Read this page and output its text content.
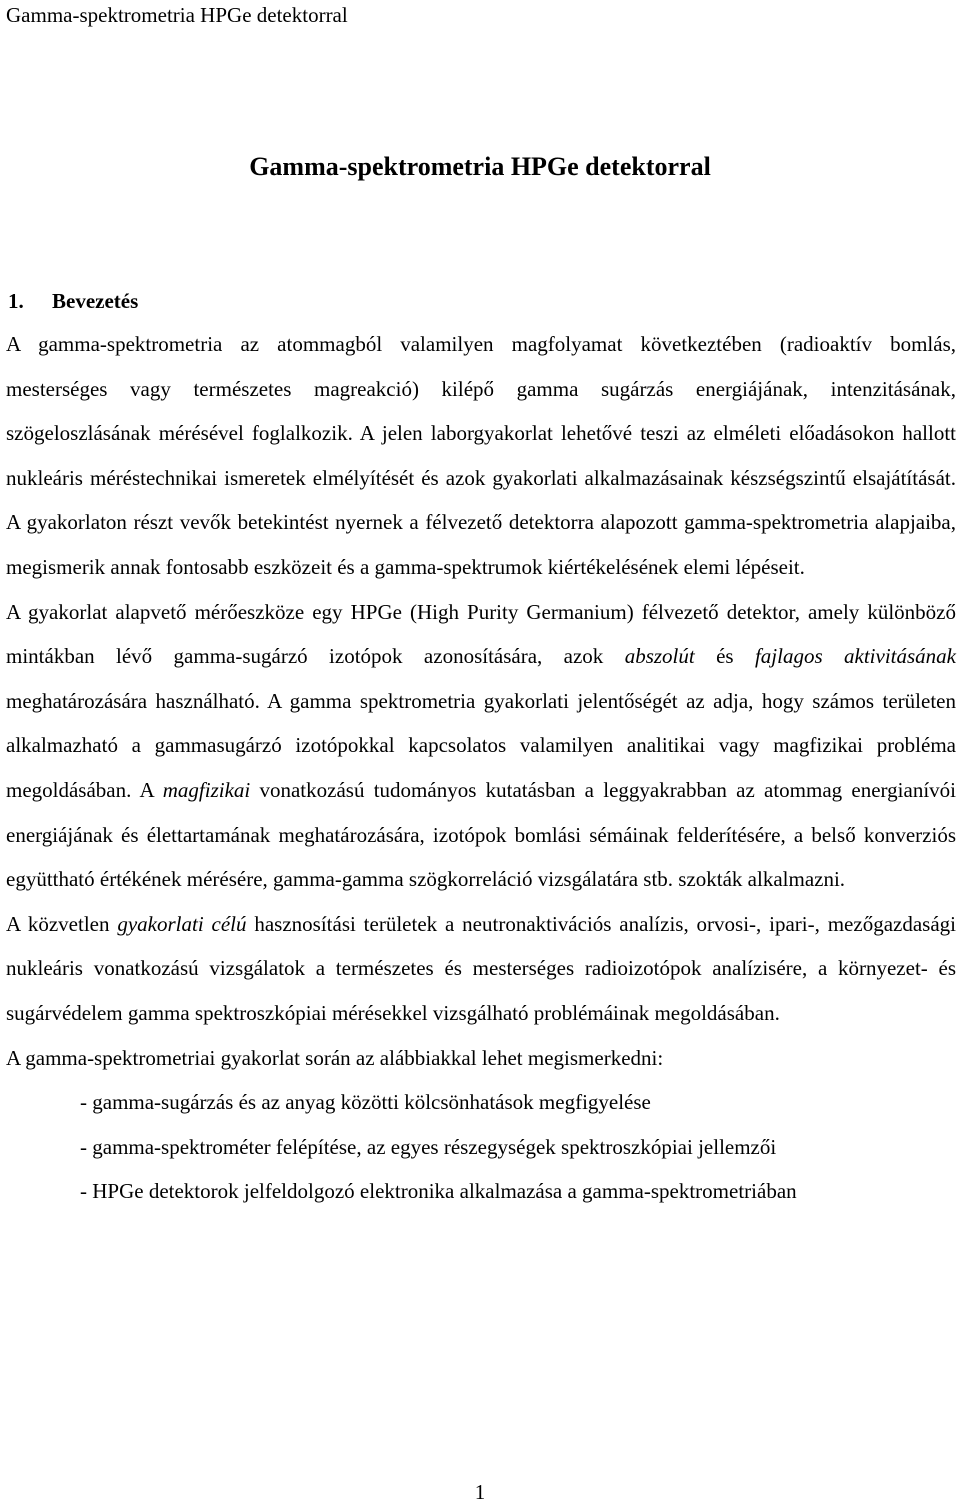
Gamma-spektrometria HPGe detektorral
Gamma-spektrometria HPGe detektorral
1. Bevezetés

A gamma-spektrometria az atommagból valamilyen magfolyamat következtében (radioaktív bomlás, mesterséges vagy természetes magreakció) kilépő gamma sugárzás energiájának, intenzitásának, szögeloszlásának mérésével foglalkozik. A jelen laborgyakorlat lehetővé teszi az elméleti előadásokon hallott nukleáris méréstechnikai ismeretek elmélyítését és azok gyakorlati alkalmazásainak készségszintű elsajátítását. A gyakorlaton részt vevők betekintést nyernek a félvezető detektorra alapozott gamma-spektrometria alapjaiba, megismerik annak fontosabb eszközeit és a gamma-spektrumok kiértékelésének elemi lépéseit.

A gyakorlat alapvető mérőeszköze egy HPGe (High Purity Germanium) félvezető detektor, amely különböző mintákban lévő gamma-sugárzó izotópok azonosítására, azok abszolút és fajlagos aktivitásának meghatározására használható. A gamma spektrometria gyakorlati jelentőségét az adja, hogy számos területen alkalmazható a gammasugárzó izotópokkal kapcsolatos valamilyen analitikai vagy magfizikai probléma megoldásában. A magfizikai vonatkozású tudományos kutatásban a leggyakrabban az atommag energianívói energiájának és élettartamának meghatározására, izotópok bomlási sémáinak felderítésére, a belső konverziós együttható értékének mérésére, gamma-gamma szögkorreláció vizsgálatára stb. szokták alkalmazni.

A közvetlen gyakorlati célú hasznosítási területek a neutronaktivációs analízis, orvosi-, ipari-, mezőgazdasági nukleáris vonatkozású vizsgálatok a természetes és mesterséges radioizotópok analízisére, a környezet- és sugárvédelem gamma spektroszkópiai mérésekkel vizsgálható problémáinak megoldásában.

A gamma-spektrometriai gyakorlat során az alábbiakkal lehet megismerkedni:

- gamma-sugárzás és az anyag közötti kölcsönhatások megfigyelése
- gamma-spektrométer felépítése, az egyes részegységek spektroszkópiai jellemzői
- HPGe detektorok jelfeldolgozó elektronika alkalmazása a gamma-spektrometriában
1
